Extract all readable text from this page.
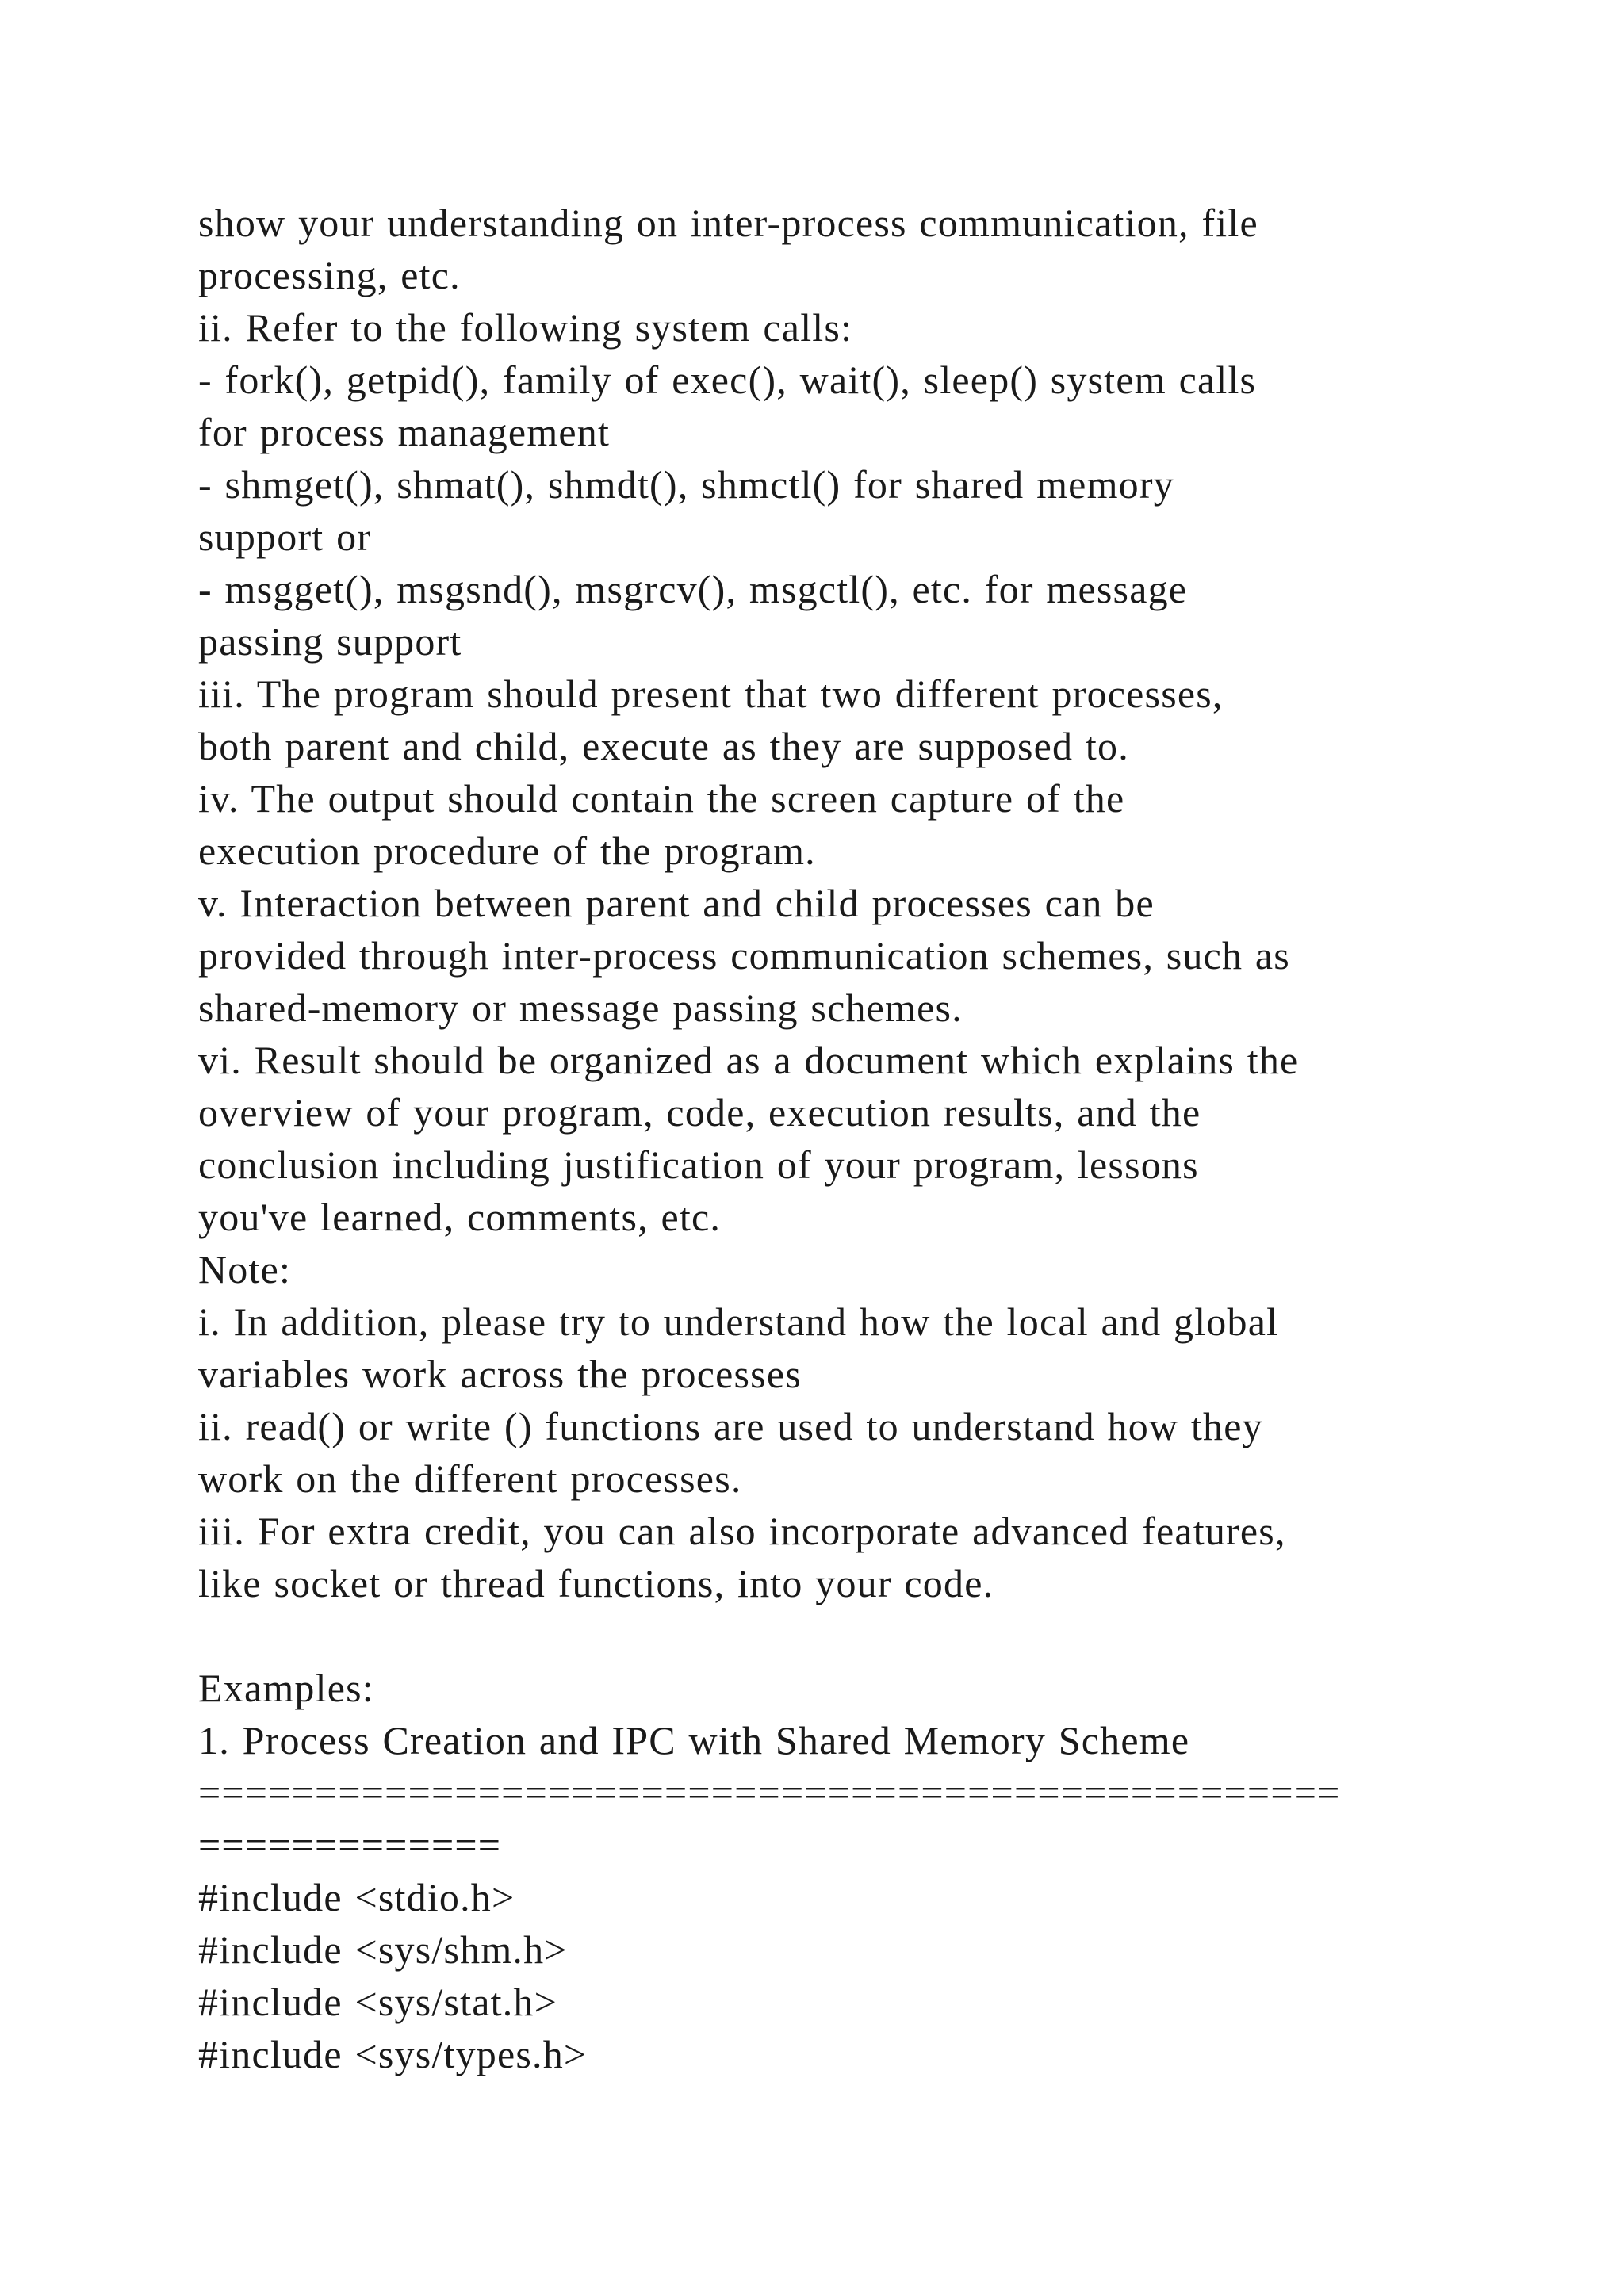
show your understanding on inter-process communication, file
processing, etc.
ii. Refer to the following system calls:
- fork(), getpid(), family of exec(), wait(), sleep() system calls
for process management
- shmget(), shmat(), shmdt(), shmctl() for shared memory
support or
- msgget(), msgsnd(), msgrcv(), msgctl(), etc. for message
passing support
iii. The program should present that two different processes,
both parent and child, execute as they are supposed to.
iv. The output should contain the screen capture of the
execution procedure of the program.
v. Interaction between parent and child processes can be
provided through inter-process communication schemes, such as
shared-memory or message passing schemes.
vi. Result should be organized as a document which explains the
overview of your program, code, execution results, and the
conclusion including justification of your program, lessons
you've learned, comments, etc.
Note:
i. In addition, please try to understand how the local and global
variables work across the processes
ii. read() or write () functions are used to understand how they
work on the different processes.
iii. For extra credit, you can also incorporate advanced features,
like socket or thread functions, into your code.
Examples:
1. Process Creation and IPC with Shared Memory Scheme
=================================================
=============
#include <stdio.h>
#include <sys/shm.h>
#include <sys/stat.h>
#include <sys/types.h>
